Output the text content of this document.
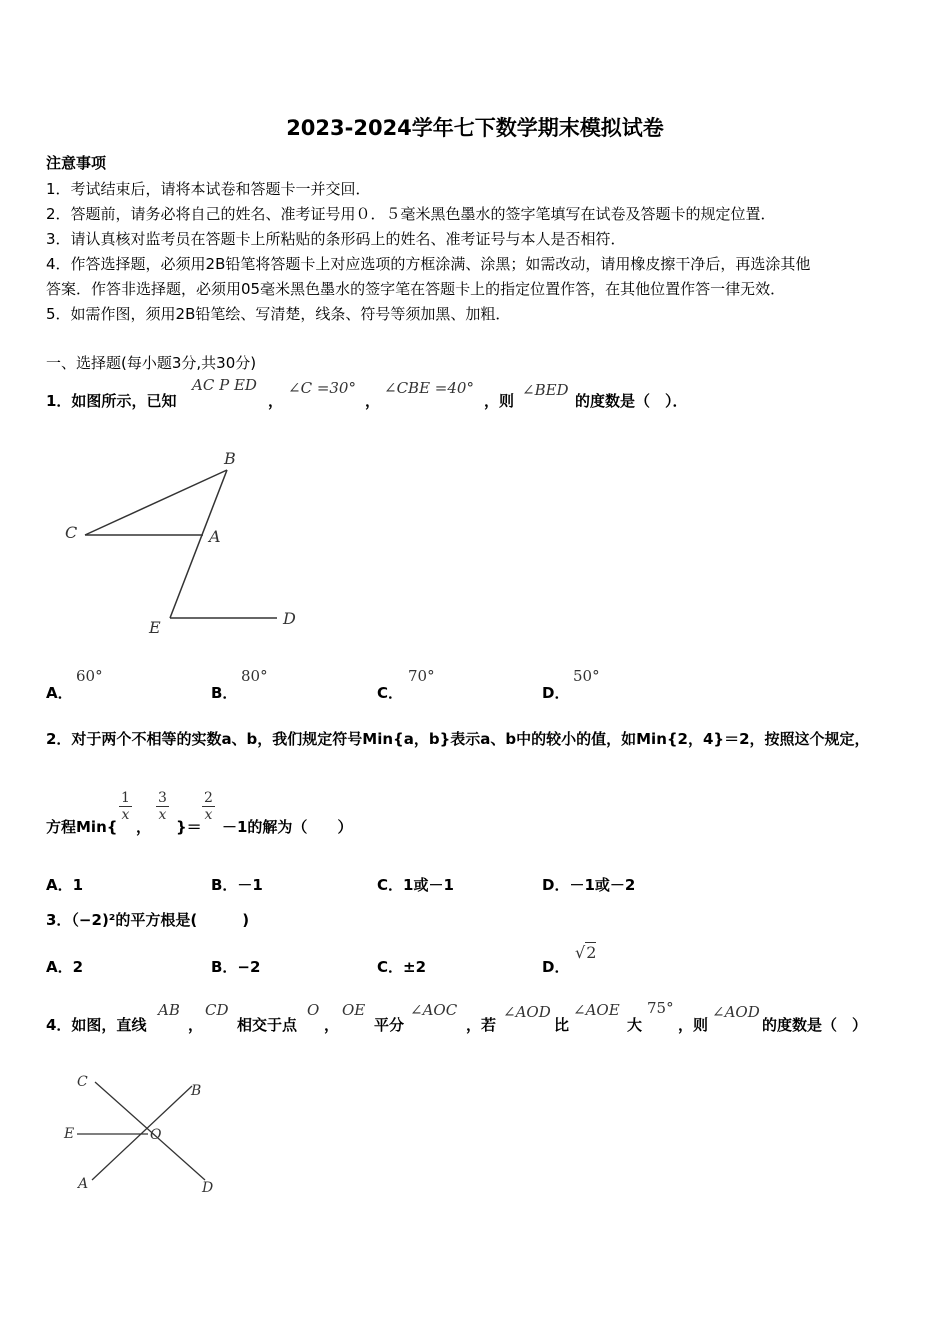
2023-2024学年七下数学期末模拟试卷
注意事项
1．考试结束后，请将本试卷和答题卡一并交回．
2．答题前，请务必将自己的姓名、准考证号用０．５毫米黑色墨水的签字笔填写在试卷及答题卡的规定位置．
3．请认真核对监考员在答题卡上所粘贴的条形码上的姓名、准考证号与本人是否相符．
4．作答选择题，必须用2B铅笔将答题卡上对应选项的方框涂满、涂黑；如需改动，请用橡皮擦干净后，再选涂其他
答案．作答非选择题，必须用05毫米黑色墨水的签字笔在答题卡上的指定位置作答，在其他位置作答一律无效．
5．如需作图，须用2B铅笔绘、写清楚，线条、符号等须加黑、加粗．
一、选择题(每小题3分,共30分)
1．如图所示，已知
AC P ED
，
∠C =30°
，
∠CBE =40°
，则
∠BED
的度数是（　）．
B
C	A
E	D
A．
60°
B．
80°
C．
70°
D．
50°
2．对于两个不相等的实数a、b，我们规定符号Min{a，b}表示a、b中的较小的值，如Min{2，4}＝2，按照这个规定，
方程Min{
$\frac{1}{x}$
，
$\frac{3}{x}$
}＝
$\frac{2}{x}$
－1的解为（　　）
A．1	B．－1	C．1或－1	D．－1或－2
3．（−2)²的平方根是(　　　)
A．2	B．−2	C．±2	D．
√2
4．如图，直线
AB
，
CD
相交于点
O
，
OE
平分
∠AOC
，若
∠AOD
比
∠AOE
大
75°
，则
∠AOD
的度数是（　）
C
B
E	O
A	D
